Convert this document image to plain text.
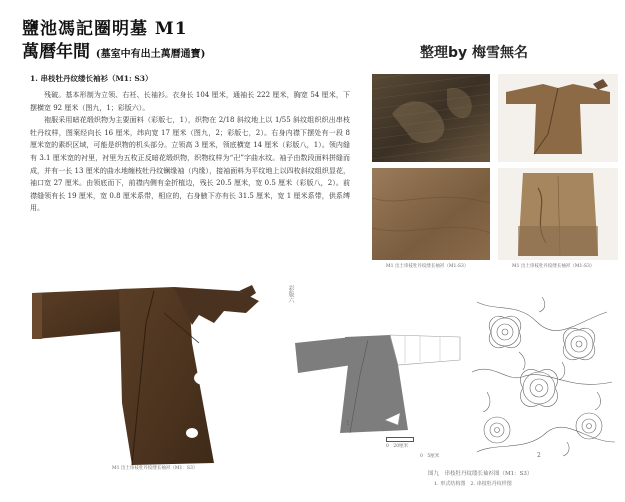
鹽池馮記圈明墓 M1
萬曆年間 (墓室中有出土萬曆通寶)	整理by 梅雪無名
1. 串枝牡丹纹缕长袖衫（M1: S3）

残破。基本形制为立领、右衽、长袖衫。衣身长 104 厘米，通袖长 222 厘米，胸宽 54 厘米，下摆横宽 92 厘米（图九，1；彩版六）。

袍服采用暗花缎织物为主要面料（彩版七，1），织物在 2/18 斜纹地上以 1/55 斜纹组织织出串枝牡丹纹样，图案经向长 16 厘米，纬向宽 17 厘米（图九，2；彩版七，2）。右身内襟下摆处有一段 8 厘米宽的素织区域，可能是织物的机头部分。立领高 3 厘米，领底横宽 14 厘米（彩版八，1）。领内缝有 3.1 厘米宽的衬里，衬里为五枚正反暗花缎织物，织物纹样为“卍”字曲水纹。袖子由数段面料拼缝而成，并有一长 13 厘米的曲水地缠枝牡丹纹镧缘袖（内缘），接袖面料为平纹地上以四枚斜纹组织显花，袖口宽 27 厘米。由领底而下，前襟内侧有金折植边，残长 20.5 厘米，宽 0.5 厘米（彩版八，2）。前襟缝领有长 19 厘米，宽 0.8 厘米系带，相应的，右身腋下亦有长 31.5 厘米，宽 1 厘米系带，供系缚用。

M1 出土串枝牡丹纹缕长袖衫（M1:S3）	M1 出土串枝牡丹纹缕长袖衫（M1:S3）
彩版六
M1 出土串枝牡丹纹缕长袖衫（M1：S3）
1
0　20厘米
2
0　5厘米
图九　串枝牡丹纹缕长袖衫图（M1：S3）
1. 形式结构图　2. 串枝牡丹纹样图
